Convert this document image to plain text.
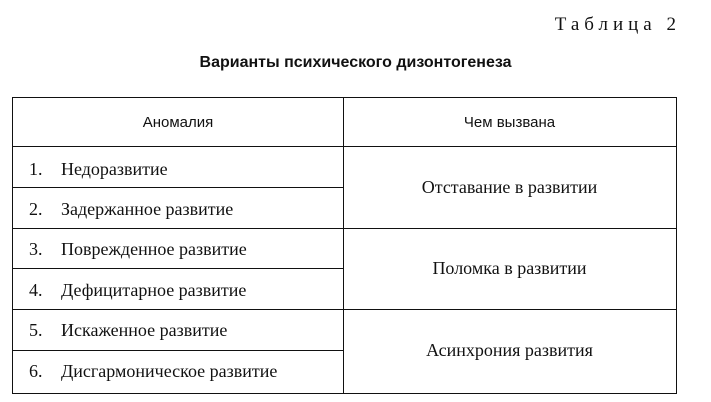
Таблица 2
Варианты психического дизонтогенеза
Аномалия	Чем вызвана
1. Недоразвитие
2. Задержанное развитие
3. Поврежденное развитие
4. Дефицитарное развитие
5. Искаженное развитие
6. Дисгармоническое развитие
Отставание в развитии
Поломка в развитии
Асинхрония развития
